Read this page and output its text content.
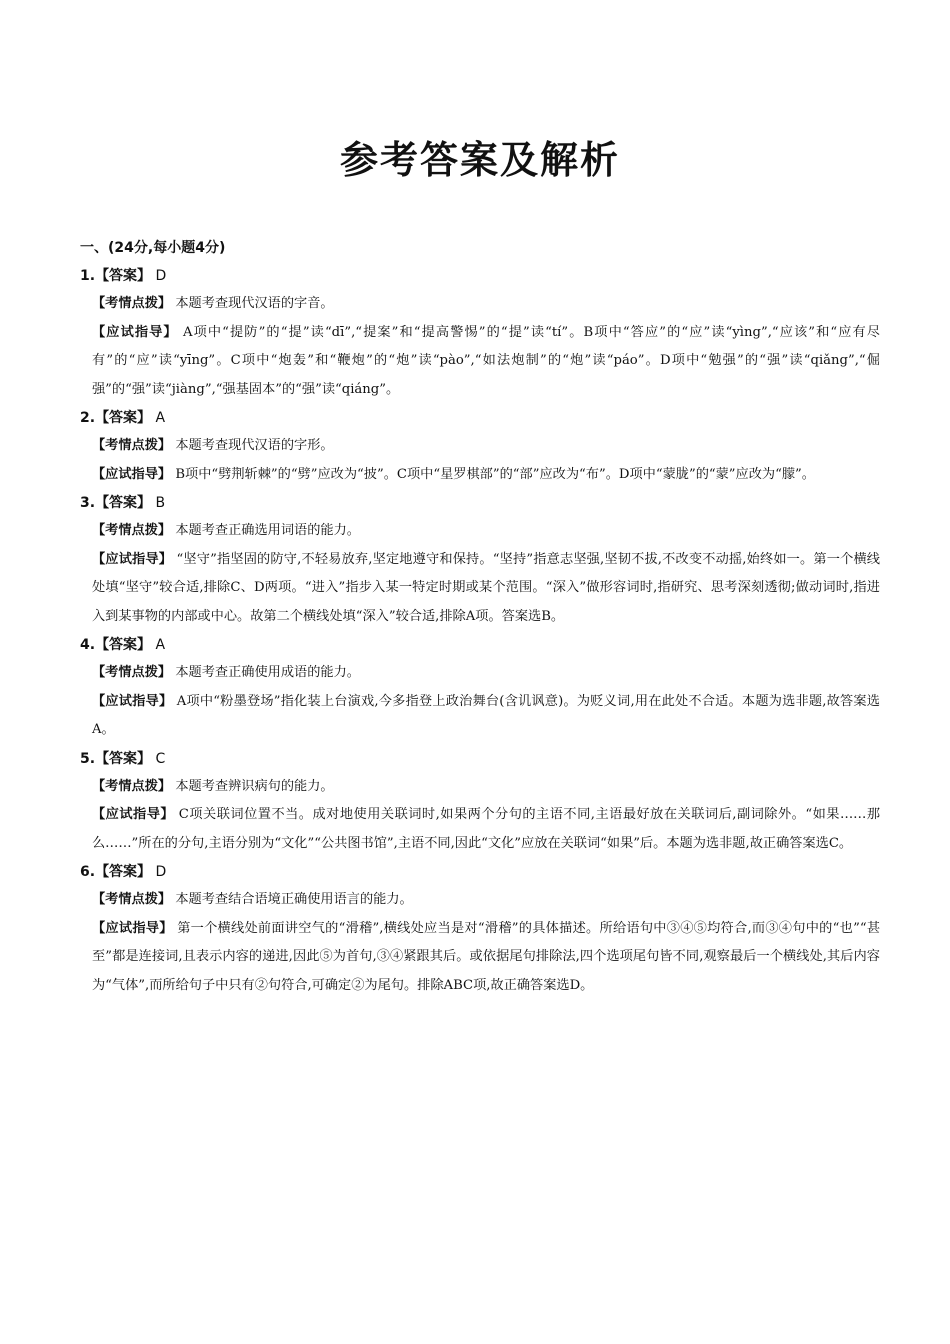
参考答案及解析

一、(24分,每小题4分)

1.【答案】 D

【考情点拨】 本题考查现代汉语的字音。

【应试指导】 A项中“提防”的“提”读“dī”,“提案”和“提高警惕”的“提”读“tí”。B项中“答应”的“应”读“yìng”,“应该”和“应有尽有”的“应”读“yīng”。C项中“炮轰”和“鞭炮”的“炮”读“pào”,“如法炮制”的“炮”读“páo”。D项中“勉强”的“强”读“qiǎng”,“倔强”的“强”读“jiàng”,“强基固本”的“强”读“qiáng”。

2.【答案】 A

【考情点拨】 本题考查现代汉语的字形。

【应试指导】 B项中“劈荆斩棘”的“劈”应改为“披”。C项中“星罗棋部”的“部”应改为“布”。D项中“蒙胧”的“蒙”应改为“朦”。

3.【答案】 B

【考情点拨】 本题考查正确选用词语的能力。

【应试指导】 “坚守”指坚固的防守,不轻易放弃,坚定地遵守和保持。“坚持”指意志坚强,坚韧不拔,不改变不动摇,始终如一。第一个横线处填“坚守”较合适,排除C、D两项。“进入”指步入某一特定时期或某个范围。“深入”做形容词时,指研究、思考深刻透彻;做动词时,指进入到某事物的内部或中心。故第二个横线处填“深入”较合适,排除A项。答案选B。

4.【答案】 A

【考情点拨】 本题考查正确使用成语的能力。

【应试指导】 A项中“粉墨登场”指化装上台演戏,今多指登上政治舞台(含讥讽意)。为贬义词,用在此处不合适。本题为选非题,故答案选A。

5.【答案】 C

【考情点拨】 本题考查辨识病句的能力。

【应试指导】 C项关联词位置不当。成对地使用关联词时,如果两个分句的主语不同,主语最好放在关联词后,副词除外。“如果……那么……”所在的分句,主语分别为“文化”“公共图书馆”,主语不同,因此“文化”应放在关联词“如果”后。本题为选非题,故正确答案选C。

6.【答案】 D

【考情点拨】 本题考查结合语境正确使用语言的能力。

【应试指导】 第一个横线处前面讲空气的“滑稽”,横线处应当是对“滑稽”的具体描述。所给语句中③④⑤均符合,而③④句中的“也”“甚至”都是连接词,且表示内容的递进,因此⑤为首句,③④紧跟其后。或依据尾句排除法,四个选项尾句皆不同,观察最后一个横线处,其后内容为“气体”,而所给句子中只有②句符合,可确定②为尾句。排除ABC项,故正确答案选D。
